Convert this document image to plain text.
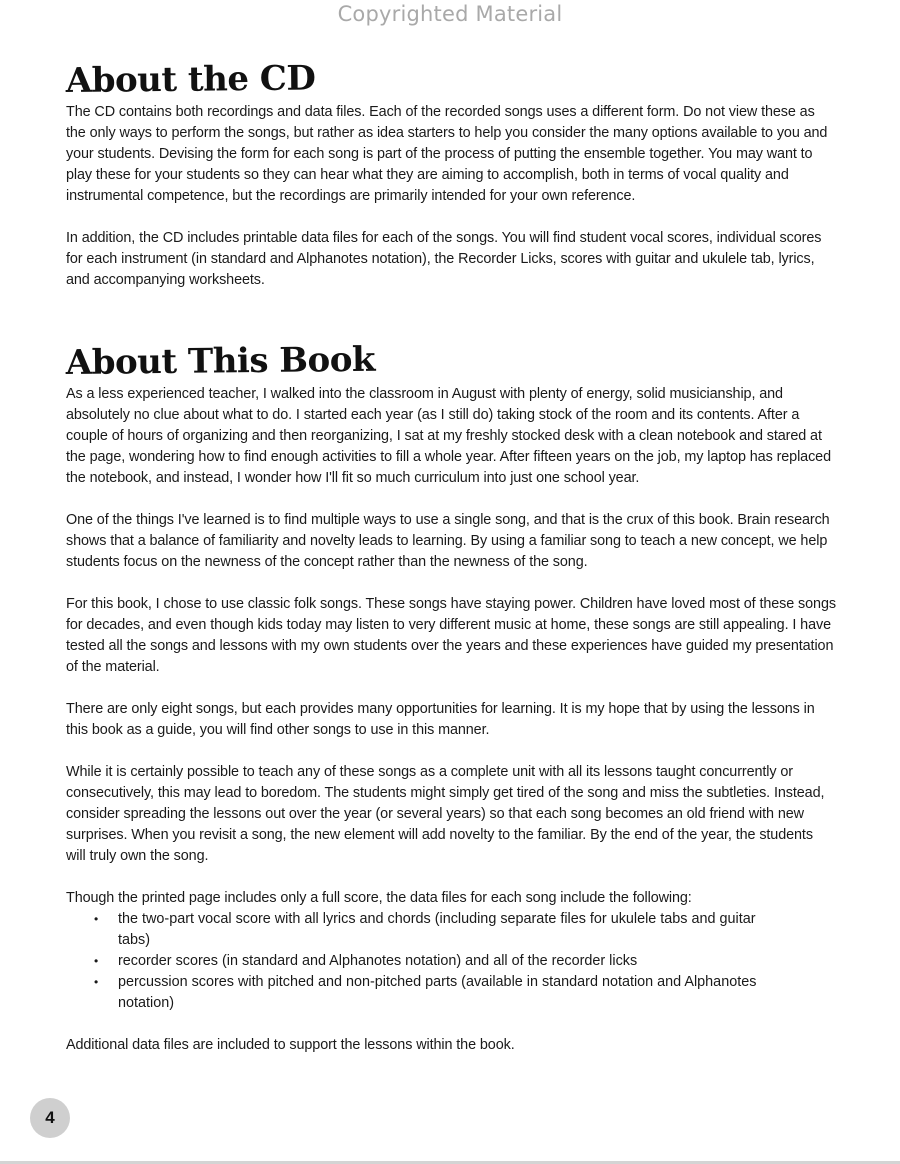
Copyrighted Material
About the CD

The CD contains both recordings and data files. Each of the recorded songs uses a different form. Do not view these as the only ways to perform the songs, but rather as idea starters to help you consider the many options available to you and your students. Devising the form for each song is part of the process of putting the ensemble together. You may want to play these for your students so they can hear what they are aiming to accomplish, both in terms of vocal quality and instrumental competence, but the recordings are primarily intended for your own reference.

In addition, the CD includes printable data files for each of the songs. You will find student vocal scores, individual scores for each instrument (in standard and Alphanotes notation), the Recorder Licks, scores with guitar and ukulele tab, lyrics, and accompanying worksheets.

About This Book

As a less experienced teacher, I walked into the classroom in August with plenty of energy, solid musicianship, and absolutely no clue about what to do. I started each year (as I still do) taking stock of the room and its contents. After a couple of hours of organizing and then reorganizing, I sat at my freshly stocked desk with a clean notebook and stared at the page, wondering how to find enough activities to fill a whole year. After fifteen years on the job, my laptop has replaced the notebook, and instead, I wonder how I'll fit so much curriculum into just one school year.

One of the things I've learned is to find multiple ways to use a single song, and that is the crux of this book. Brain research shows that a balance of familiarity and novelty leads to learning. By using a familiar song to teach a new concept, we help students focus on the newness of the concept rather than the newness of the song.

For this book, I chose to use classic folk songs. These songs have staying power. Children have loved most of these songs for decades, and even though kids today may listen to very different music at home, these songs are still appealing. I have tested all the songs and lessons with my own students over the years and these experiences have guided my presentation of the material.

There are only eight songs, but each provides many opportunities for learning. It is my hope that by using the lessons in this book as a guide, you will find other songs to use in this manner.

While it is certainly possible to teach any of these songs as a complete unit with all its lessons taught concurrently or consecutively, this may lead to boredom. The students might simply get tired of the song and miss the subtleties. Instead, consider spreading the lessons out over the year (or several years) so that each song becomes an old friend with new surprises. When you revisit a song, the new element will add novelty to the familiar. By the end of the year, the students will truly own the song.

Though the printed page includes only a full score, the data files for each song include the following:

• the two-part vocal score with all lyrics and chords (including separate files for ukulele tabs and guitar tabs)
• recorder scores (in standard and Alphanotes notation) and all of the recorder licks
• percussion scores with pitched and non-pitched parts (available in standard notation and Alphanotes notation)

Additional data files are included to support the lessons within the book.

4
